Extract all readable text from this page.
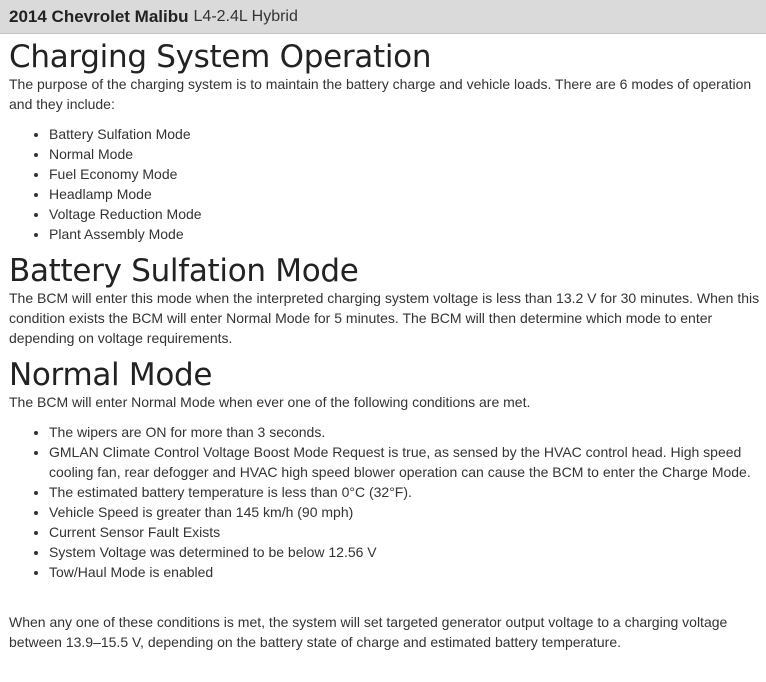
2014 Chevrolet Malibu L4-2.4L Hybrid
Charging System Operation

The purpose of the charging system is to maintain the battery charge and vehicle loads. There are 6 modes of operation and they include:

• Battery Sulfation Mode
• Normal Mode
• Fuel Economy Mode
• Headlamp Mode
• Voltage Reduction Mode
• Plant Assembly Mode
Battery Sulfation Mode

The BCM will enter this mode when the interpreted charging system voltage is less than 13.2 V for 30 minutes. When this condition exists the BCM will enter Normal Mode for 5 minutes. The BCM will then determine which mode to enter depending on voltage requirements.

Normal Mode

The BCM will enter Normal Mode when ever one of the following conditions are met.

• The wipers are ON for more than 3 seconds.
• GMLAN Climate Control Voltage Boost Mode Request is true, as sensed by the HVAC control head. High speed cooling fan, rear defogger and HVAC high speed blower operation can cause the BCM to enter the Charge Mode.
• The estimated battery temperature is less than 0°C (32°F).
• Vehicle Speed is greater than 145 km/h (90 mph)
• Current Sensor Fault Exists
• System Voltage was determined to be below 12.56 V
• Tow/Haul Mode is enabled

When any one of these conditions is met, the system will set targeted generator output voltage to a charging voltage between 13.9–15.5 V, depending on the battery state of charge and estimated battery temperature.
